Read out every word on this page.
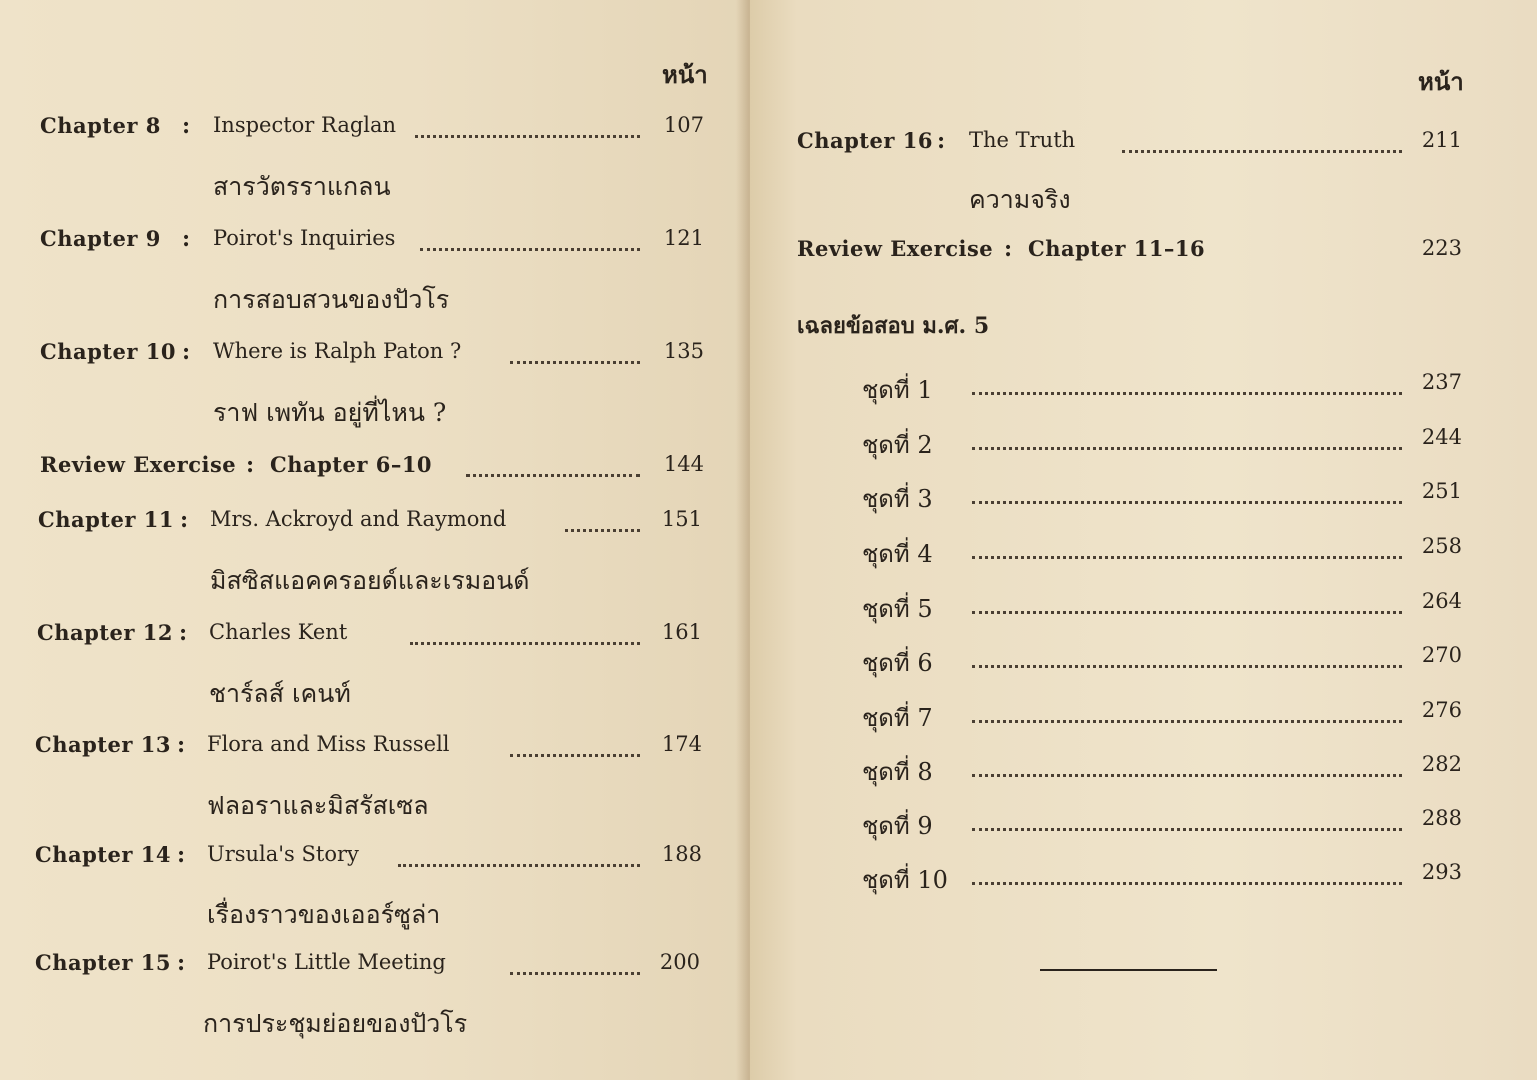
หน้า
Chapter 8 : Inspector Raglan	107
สารวัตรราแกลน
Chapter 9 : Poirot's Inquiries	121
การสอบสวนของปัวโร
Chapter 10 : Where is Ralph Paton ?	135
ราฟ เพทัน อยู่ที่ไหน ?
Review Exercise : Chapter 6–10	144
Chapter 11 : Mrs. Ackroyd and Raymond	151
มิสซิสแอคครอยด์และเรมอนด์
Chapter 12 : Charles Kent	161
ชาร์ลส์ เคนท์
Chapter 13 : Flora and Miss Russell	174
ฟลอราและมิสรัสเซล
Chapter 14 : Ursula's Story	188
เรื่องราวของเออร์ซูล่า
Chapter 15 : Poirot's Little Meeting	200
การประชุมย่อยของปัวโร
หน้า
Chapter 16 : The Truth	211
ความจริง
Review Exercise : Chapter 11–16	223
เฉลยข้อสอบ ม.ศ. 5
ชุดที่ 1	237
ชุดที่ 2	244
ชุดที่ 3	251
ชุดที่ 4	258
ชุดที่ 5	264
ชุดที่ 6	270
ชุดที่ 7	276
ชุดที่ 8	282
ชุดที่ 9	288
ชุดที่ 10	293
